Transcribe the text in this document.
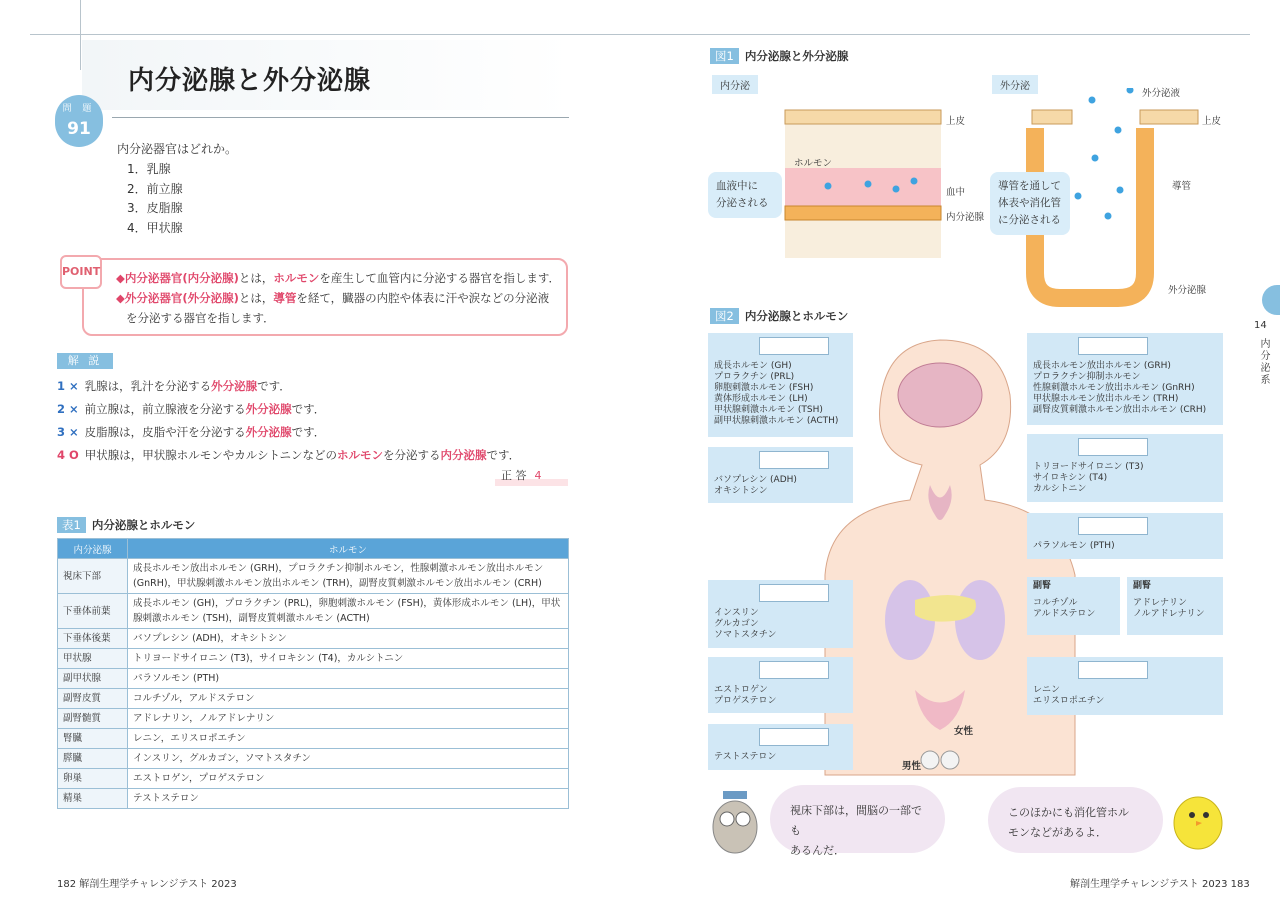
内分泌腺と外分泌腺
問 題
91
内分泌器官はどれか。
1．乳腺
2．前立腺
3．皮脂腺
4．甲状腺
POINT ◆内分泌器官(内分泌腺)とは，ホルモンを産生して血管内に分泌する器官を指します．
◆外分泌器官(外分泌腺)とは，導管を経て，臓器の内腔や体表に汗や涙などの分泌液
を分泌する器官を指します．
解 説
1 × 乳腺は，乳汁を分泌する外分泌腺です．
2 × 前立腺は，前立腺液を分泌する外分泌腺です．
3 × 皮脂腺は，皮脂や汗を分泌する外分泌腺です．
4 O 甲状腺は，甲状腺ホルモンやカルシトニンなどのホルモンを分泌する内分泌腺です．
正 答 4
表1 内分泌腺とホルモン
内分泌腺	ホルモン
視床下部	成長ホルモン放出ホルモン (GRH)，プロラクチン抑制ホルモン，性腺刺激ホルモン放出ホルモン (GnRH)，甲状腺刺激ホルモン放出ホルモン (TRH)，副腎皮質刺激ホルモン放出ホルモン (CRH)
下垂体前葉	成長ホルモン (GH)，プロラクチン (PRL)，卵胞刺激ホルモン (FSH)，黄体形成ホルモン (LH)，甲状腺刺激ホルモン (TSH)，副腎皮質刺激ホルモン (ACTH)
下垂体後葉	バソプレシン (ADH)，オキシトシン
甲状腺	トリヨードサイロニン (T3)，サイロキシン (T4)，カルシトニン
副甲状腺	パラソルモン (PTH)
副腎皮質	コルチゾル，アルドステロン
副腎髄質	アドレナリン，ノルアドレナリン
腎臓	レニン，エリスロポエチン
膵臓	インスリン，グルカゴン，ソマトスタチン
卵巣	エストロゲン，プロゲステロン
精巣	テストステロン
182 解剖生理学チャレンジテスト 2023
図1 内分泌腺と外分泌腺
内分泌	外分泌
上皮
ホルモン
血中
内分泌腺
外分泌液
上皮
導管
外分泌腺
血液中に
分泌される
導管を通して
体表や消化管
に分泌される
図2 内分泌腺とホルモン
女性
男性
成長ホルモン (GH)
プロラクチン (PRL)
卵胞刺激ホルモン (FSH)
黄体形成ホルモン (LH)
甲状腺刺激ホルモン (TSH)
副甲状腺刺激ホルモン (ACTH)
バソプレシン (ADH)
オキシトシン
インスリン
グルカゴン
ソマトスタチン
エストロゲン
プロゲステロン
テストステロン
成長ホルモン放出ホルモン (GRH)
プロラクチン抑制ホルモン
性腺刺激ホルモン放出ホルモン (GnRH)
甲状腺ホルモン放出ホルモン (TRH)
副腎皮質刺激ホルモン放出ホルモン (CRH)
トリヨードサイロニン (T3)
サイロキシン (T4)
カルシトニン
パラソルモン (PTH)
副腎
コルチゾル
アルドステロン
副腎
アドレナリン
ノルアドレナリン
レニン
エリスロポエチン
14
内分泌系
視床下部は，間脳の一部でも
あるんだ．
このほかにも消化管ホル
モンなどがあるよ．
解剖生理学チャレンジテスト 2023 183
